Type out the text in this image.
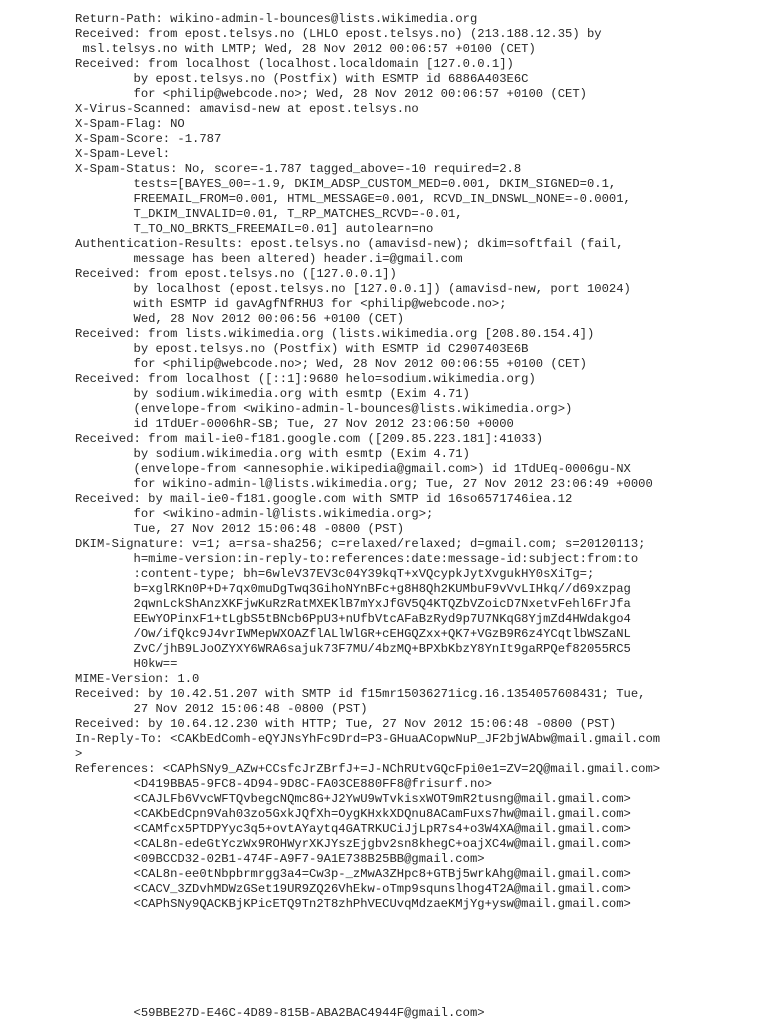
Return-Path: wikino-admin-l-bounces@lists.wikimedia.org
Received: from epost.telsys.no (LHLO epost.telsys.no) (213.188.12.35) by
msl.telsys.no with LMTP; Wed, 28 Nov 2012 00:06:57 +0100 (CET)
Received: from localhost (localhost.localdomain [127.0.0.1])
by epost.telsys.no (Postfix) with ESMTP id 6886A403E6C
for <philip@webcode.no>; Wed, 28 Nov 2012 00:06:57 +0100 (CET)
X-Virus-Scanned: amavisd-new at epost.telsys.no
X-Spam-Flag: NO
X-Spam-Score: -1.787
X-Spam-Level:
X-Spam-Status: No, score=-1.787 tagged_above=-10 required=2.8
tests=[BAYES_00=-1.9, DKIM_ADSP_CUSTOM_MED=0.001, DKIM_SIGNED=0.1,
FREEMAIL_FROM=0.001, HTML_MESSAGE=0.001, RCVD_IN_DNSWL_NONE=-0.0001,
T_DKIM_INVALID=0.01, T_RP_MATCHES_RCVD=-0.01,
T_TO_NO_BRKTS_FREEMAIL=0.01] autolearn=no
Authentication-Results: epost.telsys.no (amavisd-new); dkim=softfail (fail,
message has been altered) header.i=@gmail.com
Received: from epost.telsys.no ([127.0.0.1])
by localhost (epost.telsys.no [127.0.0.1]) (amavisd-new, port 10024)
with ESMTP id gavAgfNfRHU3 for <philip@webcode.no>;
Wed, 28 Nov 2012 00:06:56 +0100 (CET)
Received: from lists.wikimedia.org (lists.wikimedia.org [208.80.154.4])
by epost.telsys.no (Postfix) with ESMTP id C2907403E6B
for <philip@webcode.no>; Wed, 28 Nov 2012 00:06:55 +0100 (CET)
Received: from localhost ([::1]:9680 helo=sodium.wikimedia.org)
by sodium.wikimedia.org with esmtp (Exim 4.71)
(envelope-from <wikino-admin-l-bounces@lists.wikimedia.org>)
id 1TdUEr-0006hR-SB; Tue, 27 Nov 2012 23:06:50 +0000
Received: from mail-ie0-f181.google.com ([209.85.223.181]:41033)
by sodium.wikimedia.org with esmtp (Exim 4.71)
(envelope-from <annesophie.wikipedia@gmail.com>) id 1TdUEq-0006gu-NX
for wikino-admin-l@lists.wikimedia.org; Tue, 27 Nov 2012 23:06:49 +0000
Received: by mail-ie0-f181.google.com with SMTP id 16so6571746iea.12
for <wikino-admin-l@lists.wikimedia.org>;
Tue, 27 Nov 2012 15:06:48 -0800 (PST)
DKIM-Signature: v=1; a=rsa-sha256; c=relaxed/relaxed; d=gmail.com; s=20120113;
h=mime-version:in-reply-to:references:date:message-id:subject:from:to
:content-type; bh=6wleV37EV3c04Y39kqT+xVQcypkJytXvgukHY0sXiTg=;
b=xglRKn0P+D+7qx0muDgTwq3GihoNYnBFc+g8H8Qh2KUMbuF9vVvLIHkq//d69xzpag
2qwnLckShAnzXKFjwKuRzRatMXEKlB7mYxJfGV5Q4KTQZbVZoicD7NxetvFehl6FrJfa
EEwYOPinxF1+tLgbS5tBNcb6PpU3+nUfbVtcAFaBzRyd9p7U7NKqG8YjmZd4HWdakgo4
/Ow/ifQkc9J4vrIWMepWXOAZflALlWlGR+cEHGQZxx+QK7+VGzB9R6z4YCqtlbWSZaNL
ZvC/jhB9LJoOZYXY6WRA6sajuk73F7MU/4bzMQ+BPXbKbzY8YnIt9gaRPQef82055RC5
H0kw==
MIME-Version: 1.0
Received: by 10.42.51.207 with SMTP id f15mr15036271icg.16.1354057608431; Tue,
27 Nov 2012 15:06:48 -0800 (PST)
Received: by 10.64.12.230 with HTTP; Tue, 27 Nov 2012 15:06:48 -0800 (PST)
In-Reply-To: <CAKbEdComh-eQYJNsYhFc9Drd=P3-GHuaACopwNuP_JF2bjWAbw@mail.gmail.com
>
References: <CAPhSNy9_AZw+CCsfcJrZBrfJ+=J-NChRUtvGQcFpi0e1=ZV=2Q@mail.gmail.com>
<D419BBA5-9FC8-4D94-9D8C-FA03CE880FF8@frisurf.no>
<CAJLFb6VvcWFTQvbegcNQmc8G+J2YwU9wTvkisxWOT9mR2tusng@mail.gmail.com>
<CAKbEdCpn9Vah03zo5GxkJQfXh=OygKHxkXDQnu8ACamFuxs7hw@mail.gmail.com>
<CAMfcx5PTDPYyc3q5+ovtAYaytq4GATRKUCiJjLpR7s4+o3W4XA@mail.gmail.com>
<CAL8n-edeGtYczWx9ROHWyrXKJYszEjgbv2sn8khegC+oajXC4w@mail.gmail.com>
<09BCCD32-02B1-474F-A9F7-9A1E738B25BB@gmail.com>
<CAL8n-ee0tNbpbrmrgg3a4=Cw3p-_zMwA3ZHpc8+GTBj5wrkAhg@mail.gmail.com>
<CACV_3ZDvhMDWzGSet19UR9ZQ26VhEkw-oTmp9squnslhog4T2A@mail.gmail.com>
<CAPhSNy9QACKBjKPicETQ9Tn2T8zhPhVECUvqMdzaeKMjYg+ysw@mail.gmail.com>
<59BBE27D-E46C-4D89-815B-ABA2BAC4944F@gmail.com>
